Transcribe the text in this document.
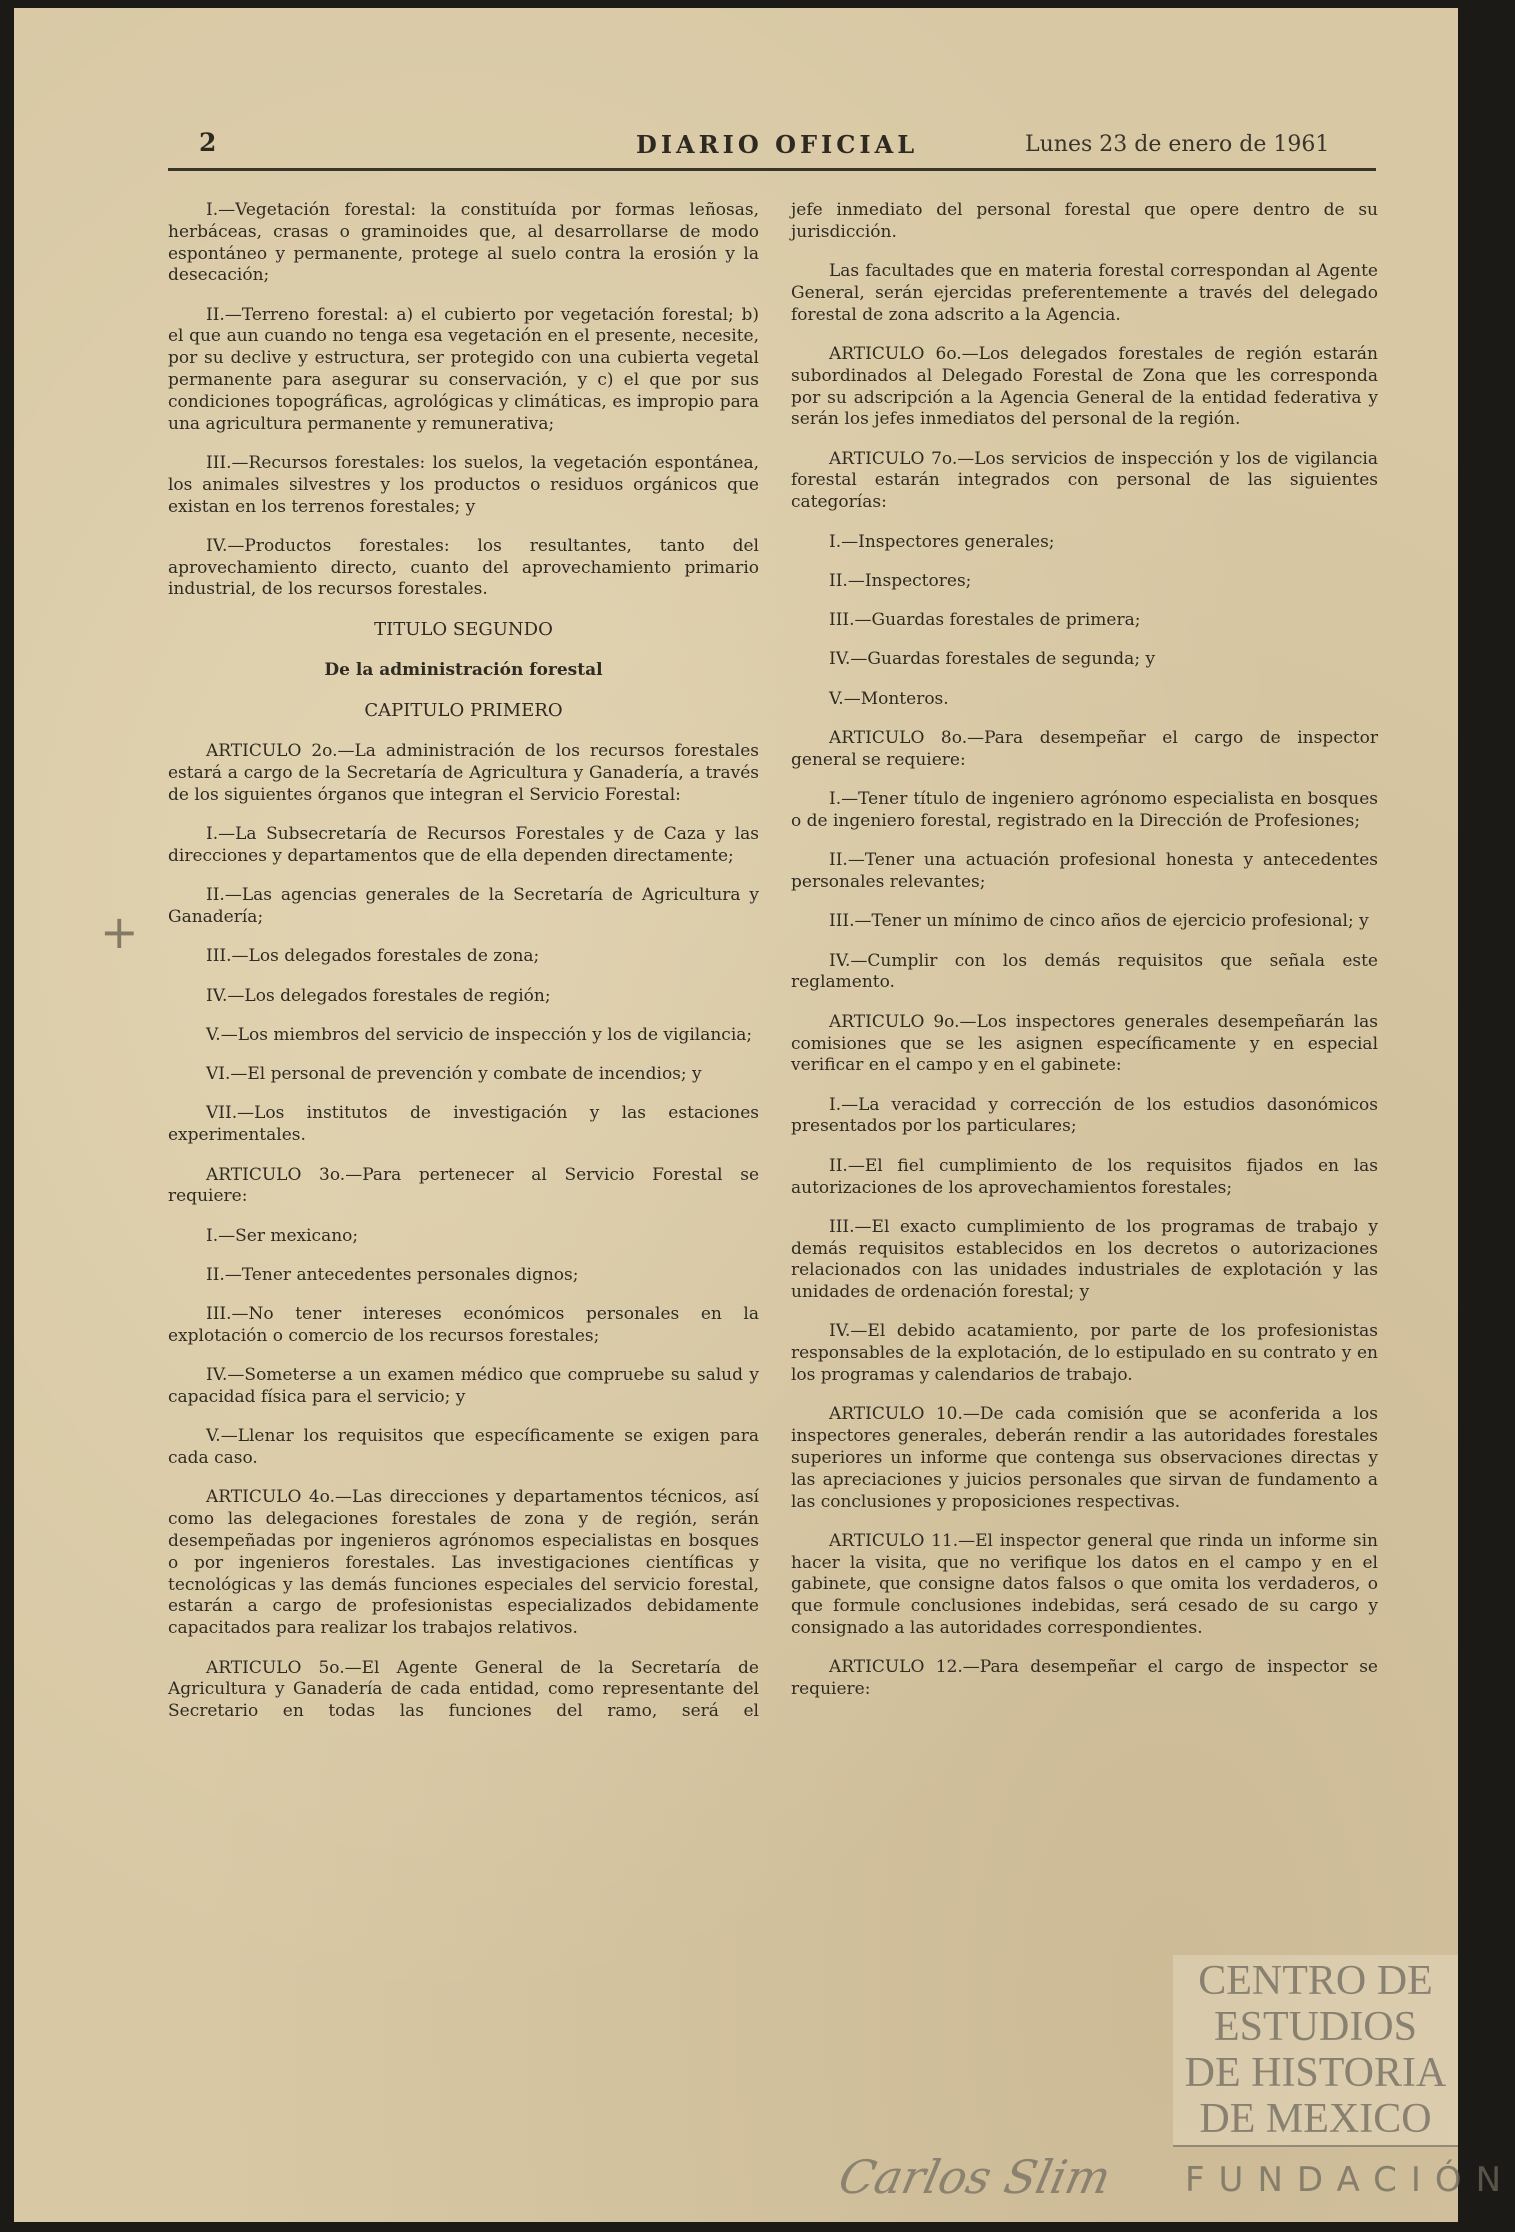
2	DIARIO OFICIAL	Lunes 23 de enero de 1961

I.—Vegetación forestal: la constituída por formas leñosas, herbáceas, crasas o graminoides que, al desarrollarse de modo espontáneo y permanente, protege al suelo contra la erosión y la desecación;

II.—Terreno forestal: a) el cubierto por vegetación forestal; b) el que aun cuando no tenga esa vegetación en el presente, necesite, por su declive y estructura, ser protegido con una cubierta vegetal permanente para asegurar su conservación, y c) el que por sus condiciones topográficas, agrológicas y climáticas, es impropio para una agricultura permanente y remunerativa;

III.—Recursos forestales: los suelos, la vegetación espontánea, los animales silvestres y los productos o residuos orgánicos que existan en los terrenos forestales; y

IV.—Productos forestales: los resultantes, tanto del aprovechamiento directo, cuanto del aprovechamiento primario industrial, de los recursos forestales.

TITULO SEGUNDO

De la administración forestal

CAPITULO PRIMERO

ARTICULO 2o.—La administración de los recursos forestales estará a cargo de la Secretaría de Agricultura y Ganadería, a través de los siguientes órganos que integran el Servicio Forestal:

I.—La Subsecretaría de Recursos Forestales y de Caza y las direcciones y departamentos que de ella dependen directamente;

II.—Las agencias generales de la Secretaría de Agricultura y Ganadería;

III.—Los delegados forestales de zona;

IV.—Los delegados forestales de región;

V.—Los miembros del servicio de inspección y los de vigilancia;

VI.—El personal de prevención y combate de incendios; y

VII.—Los institutos de investigación y las estaciones experimentales.

ARTICULO 3o.—Para pertenecer al Servicio Forestal se requiere:

I.—Ser mexicano;

II.—Tener antecedentes personales dignos;

III.—No tener intereses económicos personales en la explotación o comercio de los recursos forestales;

IV.—Someterse a un examen médico que compruebe su salud y capacidad física para el servicio; y

V.—Llenar los requisitos que específicamente se exigen para cada caso.

ARTICULO 4o.—Las direcciones y departamentos técnicos, así como las delegaciones forestales de zona y de región, serán desempeñadas por ingenieros agrónomos especialistas en bosques o por ingenieros forestales. Las investigaciones científicas y tecnológicas y las demás funciones especiales del servicio forestal, estarán a cargo de profesionistas especializados debidamente capacitados para realizar los trabajos relativos.

ARTICULO 5o.—El Agente General de la Secretaría de Agricultura y Ganadería de cada entidad, como representante del Secretario en todas las funciones del ramo, será el

jefe inmediato del personal forestal que opere dentro de su jurisdicción.

Las facultades que en materia forestal correspondan al Agente General, serán ejercidas preferentemente a través del delegado forestal de zona adscrito a la Agencia.

ARTICULO 6o.—Los delegados forestales de región estarán subordinados al Delegado Forestal de Zona que les corresponda por su adscripción a la Agencia General de la entidad federativa y serán los jefes inmediatos del personal de la región.

ARTICULO 7o.—Los servicios de inspección y los de vigilancia forestal estarán integrados con personal de las siguientes categorías:

I.—Inspectores generales;

II.—Inspectores;

III.—Guardas forestales de primera;

IV.—Guardas forestales de segunda; y

V.—Monteros.

ARTICULO 8o.—Para desempeñar el cargo de inspector general se requiere:

I.—Tener título de ingeniero agrónomo especialista en bosques o de ingeniero forestal, registrado en la Dirección de Profesiones;

II.—Tener una actuación profesional honesta y antecedentes personales relevantes;

III.—Tener un mínimo de cinco años de ejercicio profesional; y

IV.—Cumplir con los demás requisitos que señala este reglamento.

ARTICULO 9o.—Los inspectores generales desempeñarán las comisiones que se les asignen específicamente y en especial verificar en el campo y en el gabinete:

I.—La veracidad y corrección de los estudios dasonómicos presentados por los particulares;

II.—El fiel cumplimiento de los requisitos fijados en las autorizaciones de los aprovechamientos forestales;

III.—El exacto cumplimiento de los programas de trabajo y demás requisitos establecidos en los decretos o autorizaciones relacionados con las unidades industriales de explotación y las unidades de ordenación forestal; y

IV.—El debido acatamiento, por parte de los profesionistas responsables de la explotación, de lo estipulado en su contrato y en los programas y calendarios de trabajo.

ARTICULO 10.—De cada comisión que se aconferida a los inspectores generales, deberán rendir a las autoridades forestales superiores un informe que contenga sus observaciones directas y las apreciaciones y juicios personales que sirvan de fundamento a las conclusiones y proposiciones respectivas.

ARTICULO 11.—El inspector general que rinda un informe sin hacer la visita, que no verifique los datos en el campo y en el gabinete, que consigne datos falsos o que omita los verdaderos, o que formule conclusiones indebidas, será cesado de su cargo y consignado a las autoridades correspondientes.

ARTICULO 12.—Para desempeñar el cargo de inspector se requiere:

+
CENTRO DE
ESTUDIOS
DE HISTORIA
DE MEXICO
FUNDACIÓN
Carlos Slim
